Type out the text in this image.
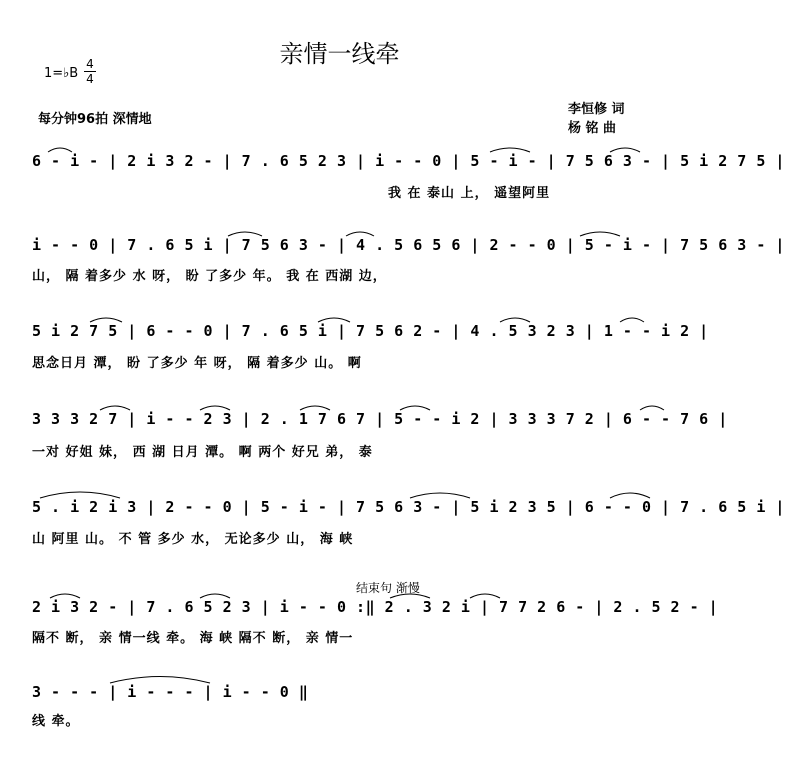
亲情一线牵
1=♭B
4
4
每分钟96拍 深情地
李恒修 词
杨 铭 曲
6 - i - | 2 i 3 2 - | 7 . 6 5 2 3 | i - - 0 | 5 - i - | 7 5 6 3 - | 5 i 2 7 5 |
我 在 泰山 上， 遥望阿里
i - - 0 | 7 . 6 5 i | 7 5 6 3 - | 4 . 5 6 5 6 | 2 - - 0 | 5 - i - | 7 5 6 3 - |
山， 隔 着多少 水 呀， 盼 了多少 年。 我 在 西湖 边，
5 i 2 7 5 | 6 - - 0 | 7 . 6 5 i | 7 5 6 2 - | 4 . 5 3 2 3 | 1 - - i 2 |
思念日月 潭， 盼 了多少 年 呀， 隔 着多少 山。 啊
3 3 3 2 7 | i - - 2 3 | 2 . 1 7 6 7 | 5 - - i 2 | 3 3 3 7 2 | 6 - - 7 6 |
一对 好姐 妹， 西 湖 日月 潭。 啊 两个 好兄 弟， 泰
5 . i 2 i 3 | 2 - - 0 | 5 - i - | 7 5 6 3 - | 5 i 2 3 5 | 6 - - 0 | 7 . 6 5 i |
山 阿里 山。 不 管 多少 水， 无论多少 山， 海 峡
结束句 渐慢
2 i 3 2 - | 7 . 6 5 2 3 | i - - 0 :‖ 2 . 3 2 i | 7 7 2 6 - | 2 . 5 2 - |
隔不 断， 亲 情一线 牵。 海 峡 隔不 断， 亲 情一
3 - - - | i - - - | i - - 0 ‖
线 牵。
